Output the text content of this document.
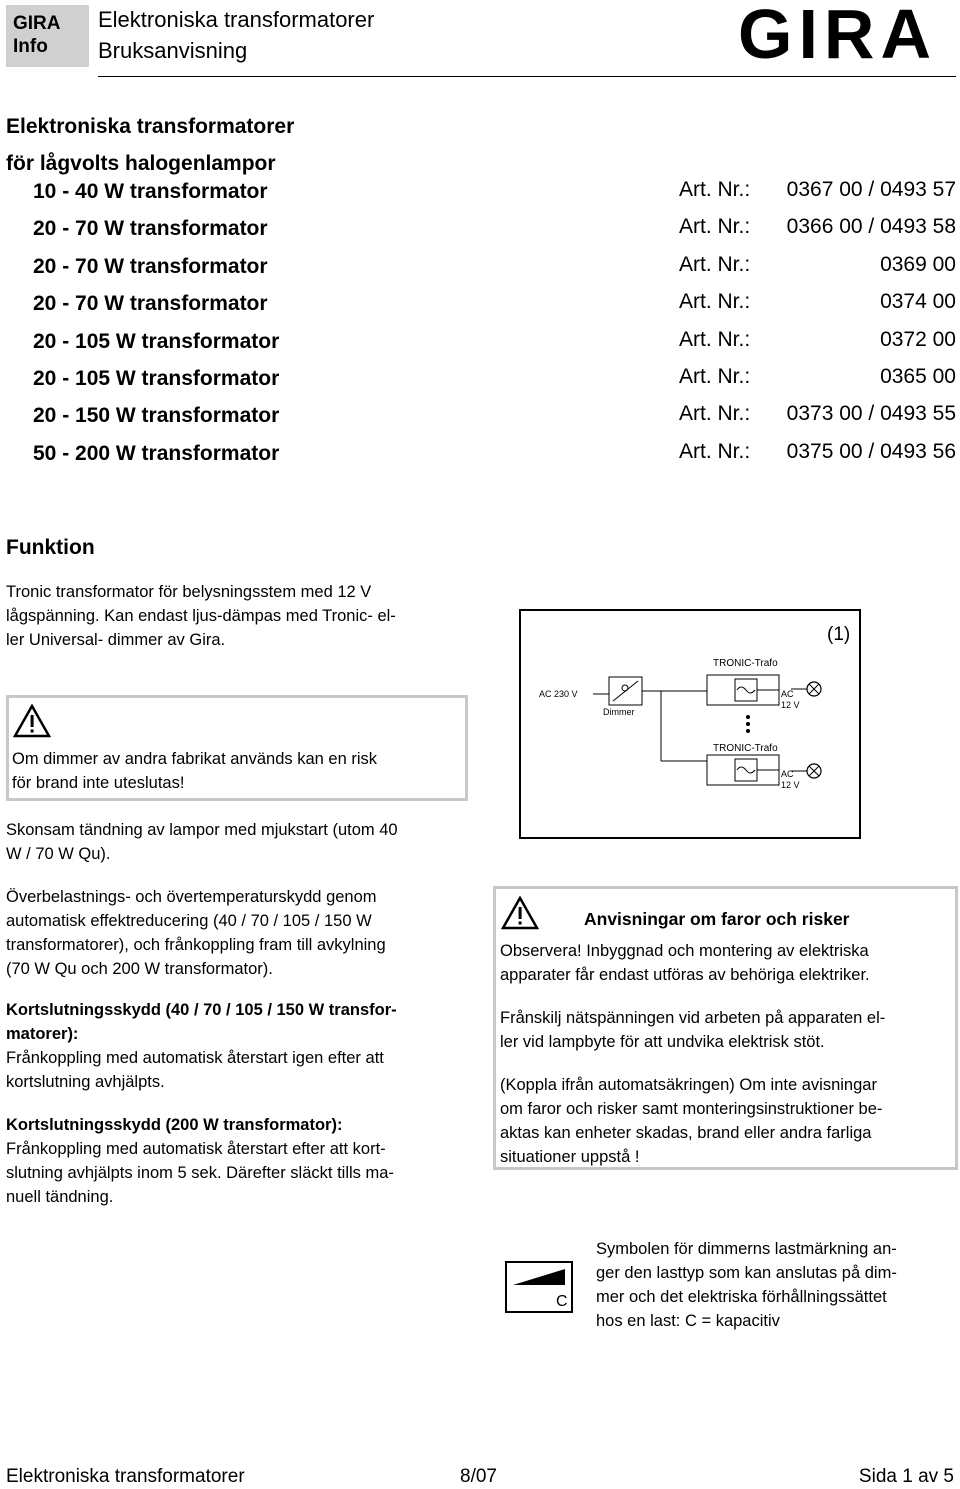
GIRA
Info
Elektroniska transformatorer
Bruksanvisning	GIRA
Elektroniska transformatorer
för lågvolts halogenlampor
10 - 40 W transformator	Art. Nr.: 0367 00 / 0493 57
20 - 70 W transformator	Art. Nr.: 0366 00 / 0493 58
20 - 70 W transformator	Art. Nr.:	0369 00
20 - 70 W transformator	Art. Nr.:	0374 00
20 - 105 W transformator	Art. Nr.:	0372 00
20 - 105 W transformator	Art. Nr.:	0365 00
20 - 150 W transformator	Art. Nr.: 0373 00 / 0493 55
50 - 200 W transformator	Art. Nr.: 0375 00 / 0493 56
Funktion
Tronic transformator för belysningsstem med 12 V
lågspänning. Kan endast ljus-dämpas med Tronic- el-
ler Universal- dimmer av Gira.
Om dimmer av andra fabrikat används kan en risk
för brand inte uteslutas!
Skonsam tändning av lampor med mjukstart (utom 40
W / 70 W Qu).
Överbelastnings- och övertemperaturskydd genom
automatisk effektreducering (40 / 70 / 105 / 150 W
transformatorer), och frånkoppling fram till avkylning
(70 W Qu och 200 W transformator).
Kortslutningsskydd (40 / 70 / 105 / 150 W transfor-
matorer):
Frånkoppling med automatisk återstart igen efter att
kortslutning avhjälpts.
Kortslutningsskydd (200 W transformator):
Frånkoppling med automatisk återstart efter att kort-
slutning avhjälpts inom 5 sek. Därefter släckt tills ma-
nuell tändning.
(1)
TRONIC-Trafo
AC 230 V
Dimmer
AC
12 V
TRONIC-Trafo
AC
12 V
Anvisningar om faror och risker
Observera! Inbyggnad och montering av elektriska
apparater får endast utföras av behöriga elektriker.
Frånskilj nätspänningen vid arbeten på apparaten el-
ler vid lampbyte för att undvika elektrisk stöt.
(Koppla ifrån automatsäkringen) Om inte avisningar
om faror och risker samt monteringsinstruktioner be-
aktas kan enheter skadas, brand eller andra farliga
situationer uppstå !
C
Symbolen för dimmerns lastmärkning an-
ger den lasttyp som kan anslutas på dim-
mer och det elektriska förhållningssättet
hos en last: C = kapacitiv
Elektroniska transformatorer	8/07	Sida 1 av 5
